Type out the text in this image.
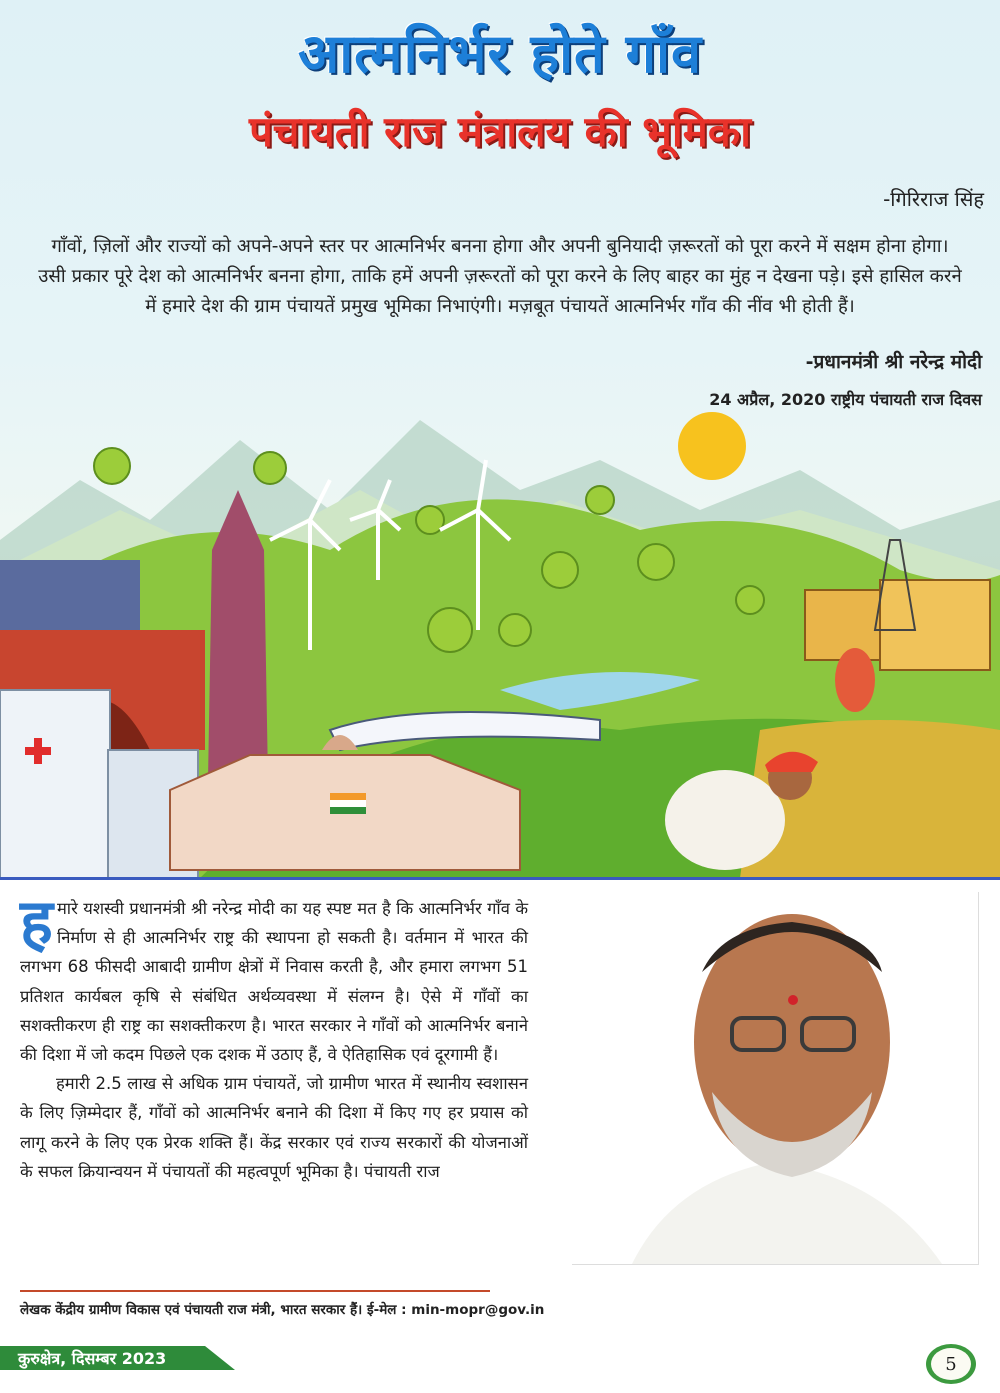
आत्मनिर्भर होते गाँव
पंचायती राज मंत्रालय की भूमिका
-गिरिराज सिंह
गाँवों, ज़िलों और राज्यों को अपने-अपने स्तर पर आत्मनिर्भर बनना होगा और अपनी बुनियादी ज़रूरतों को पूरा करने में सक्षम होना होगा। उसी प्रकार पूरे देश को आत्मनिर्भर बनना होगा, ताकि हमें अपनी ज़रूरतों को पूरा करने के लिए बाहर का मुंह न देखना पड़े। इसे हासिल करने में हमारे देश की ग्राम पंचायतें प्रमुख भूमिका निभाएंगी। मज़बूत पंचायतें आत्मनिर्भर गाँव की नींव भी होती हैं।
-प्रधानमंत्री श्री नरेन्द्र मोदी
24 अप्रैल, 2020 राष्ट्रीय पंचायती राज दिवस

हमारे यशस्वी प्रधानमंत्री श्री नरेन्द्र मोदी का यह स्पष्ट मत है कि आत्मनिर्भर गाँव के निर्माण से ही आत्मनिर्भर राष्ट्र की स्थापना हो सकती है। वर्तमान में भारत की लगभग 68 फीसदी आबादी ग्रामीण क्षेत्रों में निवास करती है, और हमारा लगभग 51 प्रतिशत कार्यबल कृषि से संबंधित अर्थव्यवस्था में संलग्न है। ऐसे में गाँवों का सशक्तीकरण ही राष्ट्र का सशक्तीकरण है। भारत सरकार ने गाँवों को आत्मनिर्भर बनाने की दिशा में जो कदम पिछले एक दशक में उठाए हैं, वे ऐतिहासिक एवं दूरगामी हैं।

हमारी 2.5 लाख से अधिक ग्राम पंचायतें, जो ग्रामीण भारत में स्थानीय स्वशासन के लिए ज़िम्मेदार हैं, गाँवों को आत्मनिर्भर बनाने की दिशा में किए गए हर प्रयास को लागू करने के लिए एक प्रेरक शक्ति हैं। केंद्र सरकार एवं राज्य सरकारों की योजनाओं के सफल क्रियान्वयन में पंचायतों की महत्वपूर्ण भूमिका है। पंचायती राज

लेखक केंद्रीय ग्रामीण विकास एवं पंचायती राज मंत्री, भारत सरकार हैं। ई-मेल : min-mopr@gov.in
कुरुक्षेत्र, दिसम्बर 2023	5
